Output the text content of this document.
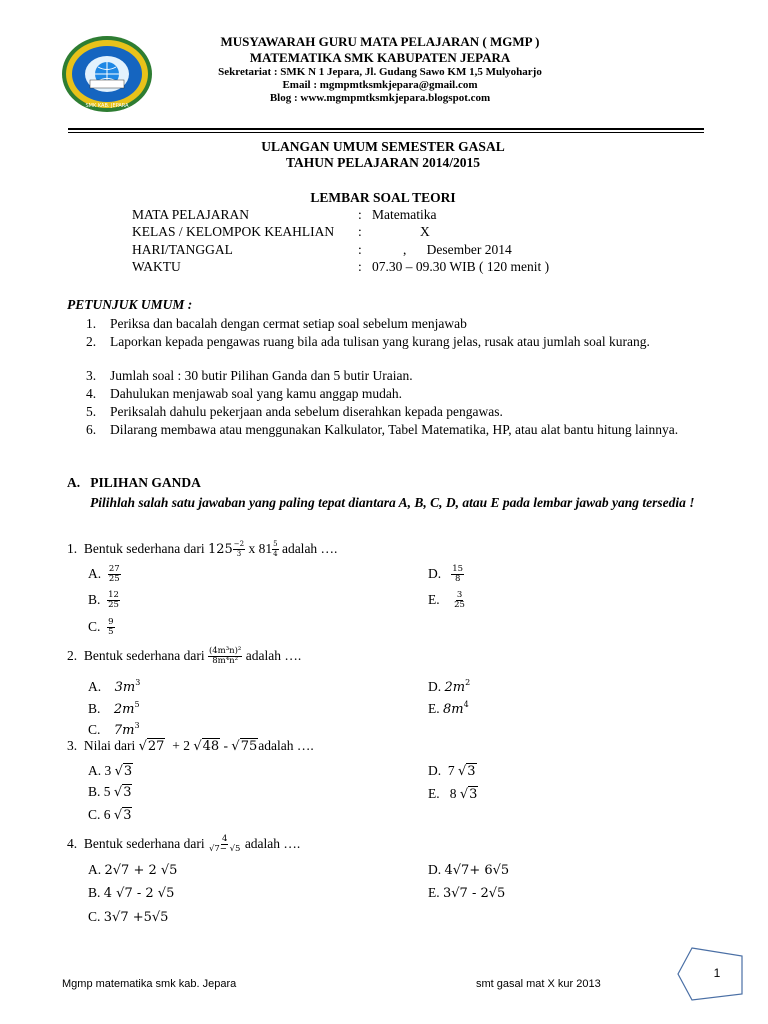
SMK KAB. JEPARA
MUSYAWARAH GURU MATA PELAJARAN ( MGMP )
MATEMATIKA SMK KABUPATEN JEPARA
Sekretariat : SMK N 1 Jepara, Jl. Gudang Sawo KM 1,5 Mulyoharjo
Email : mgmpmtksmkjepara@gmail.com
Blog : www.mgmpmtksmkjepara.blogspot.com
ULANGAN UMUM SEMESTER GASAL
TAHUN PELAJARAN 2014/2015
LEMBAR SOAL TEORI
MATA PELAJARAN	: Matematika
KELAS / KELOMPOK KEAHLIAN :	X
HARI/TANGGAL	:	,      Desember 2014
WAKTU	: 07.30 – 09.30 WIB ( 120 menit )
PETUNJUK UMUM :
1. Periksa dan bacalah dengan cermat setiap soal sebelum menjawab
2. Laporkan kepada pengawas ruang bila ada tulisan yang kurang jelas, rusak atau jumlah soal kurang.
3. Jumlah soal : 30 butir Pilihan Ganda dan 5 butir Uraian.
4. Dahulukan menjawab soal yang kamu anggap mudah.
5. Periksalah dahulu pekerjaan anda sebelum diserahkan kepada pengawas.
6. Dilarang membawa atau menggunakan Kalkulator, Tabel Matematika, HP, atau alat bantu hitung lainnya.
A.   PILIHAN GANDA
Pilihlah salah satu jawaban yang paling tepat diantara A, B, C, D, atau E pada lembar jawab yang tersedia !
1. Bentuk sederhana dari $125 \frac{-2}{3}$ x $81 \frac{5}{4}$ adalah ….
A. $\frac{27}{25}$
B. $\frac{12}{25}$
C. $\frac{9}{5}$
D. $\frac{15}{8}$
E. $\frac{3}{25}$
2. Bentuk sederhana dari $\frac{\text{(4m³n)²}}{\text{8m⁴n²}}$ adalah ….
A. $3m^3$
B. $2m^5$
C. $7m^3$
D. $2m^2$
E. $8m^4$
3. Nilai dari √27 + 2 √48 - √75adalah ….
A. 3 √3
B. 5 √3
C. 6 √3
D. 7 √3
E. 8 √3
4. Bentuk sederhana dari $\frac{4}{√7- √5}$ adalah ….
A. 2√7 + 2 √5
B. 4 √7 - 2 √5
C. 3√7 +5√5
D. 4√7+ 6√5
E. 3√7 - 2√5
1
Mgmp matematika smk kab. Jepara	smt gasal mat X kur 2013
